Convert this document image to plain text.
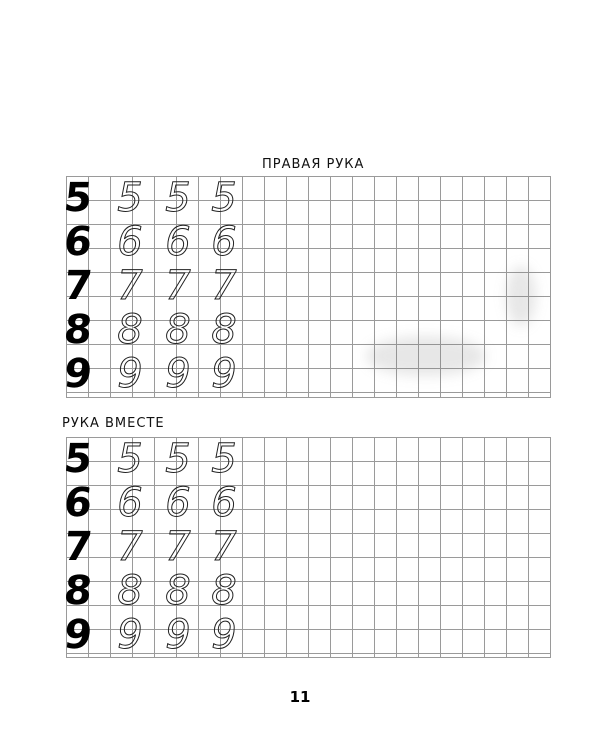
ПРАВАЯ РУКА
5 5 5 5
6 6 6 6
7 7 7 7
8 8 8 8
9 9 9 9
РУКА ВМЕСТЕ
5 5 5 5
6 6 6 6
7 7 7 7
8 8 8 8
9 9 9 9
11
